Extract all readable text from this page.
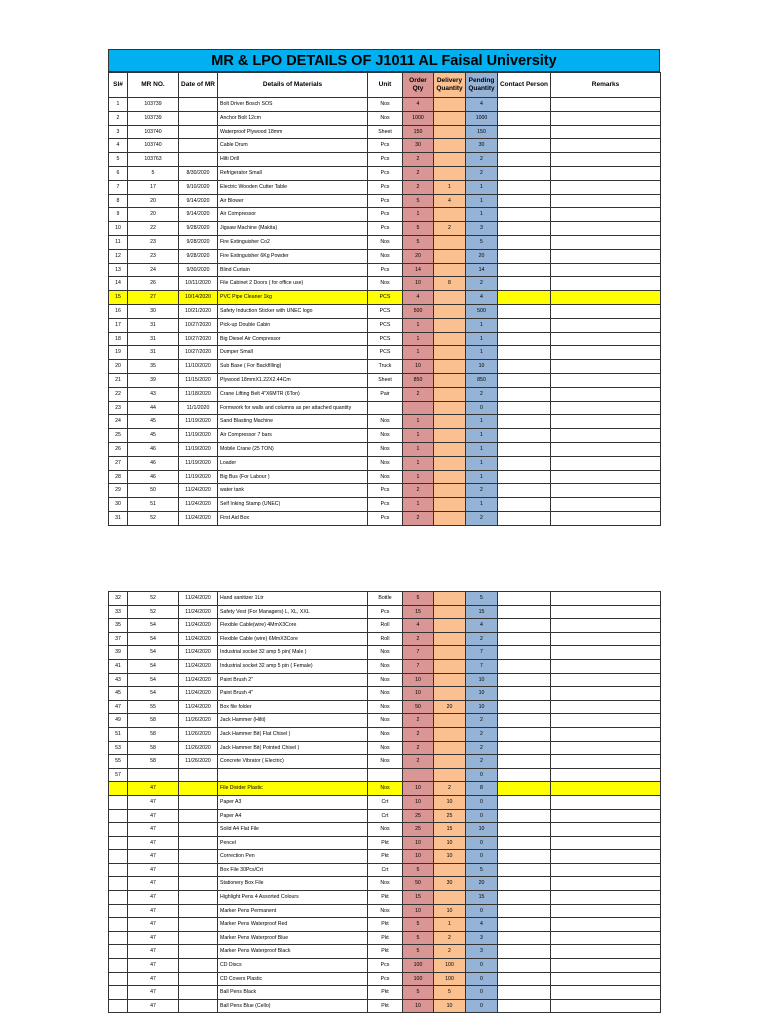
MR & LPO DETAILS OF J1011 AL Faisal University
Sl#	MR NO.	Date of MR	Details of Materials	Unit	Order Qty	Delivery Quantity	Pending Quantity	Contact Person	Remarks
1	103739		Bolt Driver Bosch SOS	Nos	4		4		
2	103739		Anchor Bolt 12cm	Nos	1000		1000		
3	103740		Waterproof Plywood 18mm	Sheet	150		150		
4	103740		Cable Drum	Pcs	30		30		
5	103763		Hilti Drill	Pcs	2		2		
6	5	8/30/2020	Refrigerator Small	Pcs	2		2		
7	17	9/10/2020	Electric Wooden Cutter Table	Pcs	2	1	1		
8	20	9/14/2020	Air Blower	Pcs	5	4	1		
9	20	9/14/2020	Air Compressor	Pcs	1		1		
10	22	9/28/2020	Jigsaw Machine (Makita)	Pcs	5	2	3		
11	23	9/28/2020	Fire Extinguisher Co2	Nos	5		5		
12	23	9/28/2020	Fire Extinguisher 6Kg Powder	Nos	20		20		
13	24	9/30/2020	Blind Curtain	Pcs	14		14		
14	26	10/11/2020	File Cabinet 2 Doors ( for office use)	Nos	10	8	2		
15	27	10/14/2020	PVC Pipe Cleaner 1kg	PCS	4		4		
16	30	10/21/2020	Safety Induction Sticker with UNEC logo	PCS	500		500		
17	31	10/27/2020	Pick-up Double Cabin	PCS	1		1		
18	31	10/27/2020	Big Diesel Air Compressor	PCS	1		1		
19	31	10/27/2020	Dumper Small	PCS	1		1		
20	35	11/10/2020	Sub Base ( For Backfilling)	Truck	10		10		
21	39	11/15/2020	Plywood 18mmX1.22X2.44Cm	Sheet	850		850		
22	43	11/18/2020	Crane Lifting Belt 4"X6MTR (6Ton)	Pair	2		2		
23	44	11/1/2020	Formwork for walls and columns as per attached quantity				0		
24	45	11/19/2020	Sand Blasting Machine	Nos	1		1		
25	45	11/19/2020	Air Compressor 7 bars	Nos	1		1		
26	46	11/19/2020	Mobile Crane (25 TON)	Nos	1		1		
27	46	11/19/2020	Loader	Nos	1		1		
28	46	11/19/2020	Big Bus (For Labour )	Nos	1		1		
29	50	11/24/2020	water tank	Pcs	2		2		
30	51	11/24/2020	Self Inking Stamp (UNEC)	Pcs	1		1		
31	52	11/24/2020	First Aid Box	Pcs	2		2		
32	52	11/24/2020	Hand sanitizer 1Ltr	Bottle	5		5		
33	52	11/24/2020	Safety Vest (For Managers) L, XL, XXL	Pcs	15		15		
35	54	11/24/2020	Flexible Cable(wire) 4MmX3Core	Roll	4		4		
37	54	11/24/2020	Flexible Cable (wire) 6MmX3Core	Roll	2		2		
39	54	11/24/2020	Industrial socket 32 amp 5 pin( Male )	Nos	7		7		
41	54	11/24/2020	Industrial socket 32 amp 5 pin ( Female)	Nos	7		7		
43	54	11/24/2020	Paint Brush 2"	Nos	10		10		
45	54	11/24/2020	Paint Brush 4"	Nos	10		10		
47	55	11/24/2020	Box file folder	Nos	50	20	10		
49	58	11/26/2020	Jack Hammer (Hilti)	Nos	2		2		
51	58	11/26/2020	Jack Hammer Bit( Flat Chisel )	Nos	2		2		
53	58	11/26/2020	Jack Hammer Bit( Pointed Chisel )	Nos	2		2		
55	58	11/26/2020	Concrete Vibrator ( Electric)	Nos	2		2		
57							0		
	47		File Divider Plastic	Nos	10	2	8		
	47		Paper A3	Crt	10	10	0		
	47		Paper A4	Crt	25	25	0		
	47		Solid A4 Flat File	Nos	25	15	10		
	47		Pencel	Pkt	10	10	0		
	47		Correction Pen	Pkt	10	10	0		
	47		Box File 30Pcs/Crt	Crt	5		5		
	47		Stationery Box File	Nos	50	30	20		
	47		Highlight Pens 4 Assorted Colours	Pkt	15		15		
	47		Marker Pens Permanent	Nos	10	10	0		
	47		Marker Pens Waterproof Red	Pkt	5	1	4		
	47		Marker Pens Waterproof Blue	Pkt	5	2	3		
	47		Marker Pens Waterproof Black	Pkt	5	2	3		
	47		CD Discs	Pcs	100	100	0		
	47		CD Covers Plastic	Pcs	100	100	0		
	47		Ball Pens Black	Pkt	5	5	0		
	47		Ball Pens Blue (Cello)	Pkt	10	10	0		
